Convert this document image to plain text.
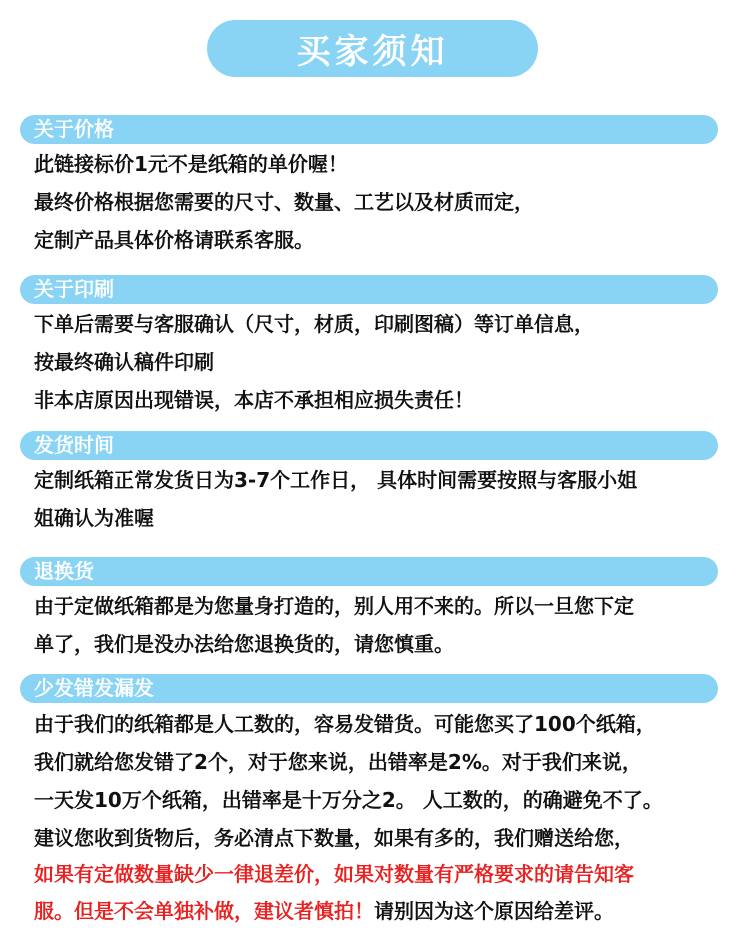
买家须知
关于价格
此链接标价1元不是纸箱的单价喔！
最终价格根据您需要的尺寸、数量、工艺以及材质而定，
定制产品具体价格请联系客服。
关于印刷
下单后需要与客服确认（尺寸，材质，印刷图稿）等订单信息，
按最终确认稿件印刷
非本店原因出现错误，本店不承担相应损失责任！
发货时间
定制纸箱正常发货日为3-7个工作日， 具体时间需要按照与客服小姐
姐确认为准喔
退换货
由于定做纸箱都是为您量身打造的，别人用不来的。所以一旦您下定
单了，我们是没办法给您退换货的，请您慎重。
少发错发漏发
由于我们的纸箱都是人工数的，容易发错货。可能您买了100个纸箱，
我们就给您发错了2个，对于您来说，出错率是2%。对于我们来说，
一天发10万个纸箱，出错率是十万分之2。 人工数的，的确避免不了。
建议您收到货物后，务必清点下数量，如果有多的，我们赠送给您，
如果有定做数量缺少一律退差价，如果对数量有严格要求的请告知客
服。但是不会单独补做，建议者慎拍！请别因为这个原因给差评。
